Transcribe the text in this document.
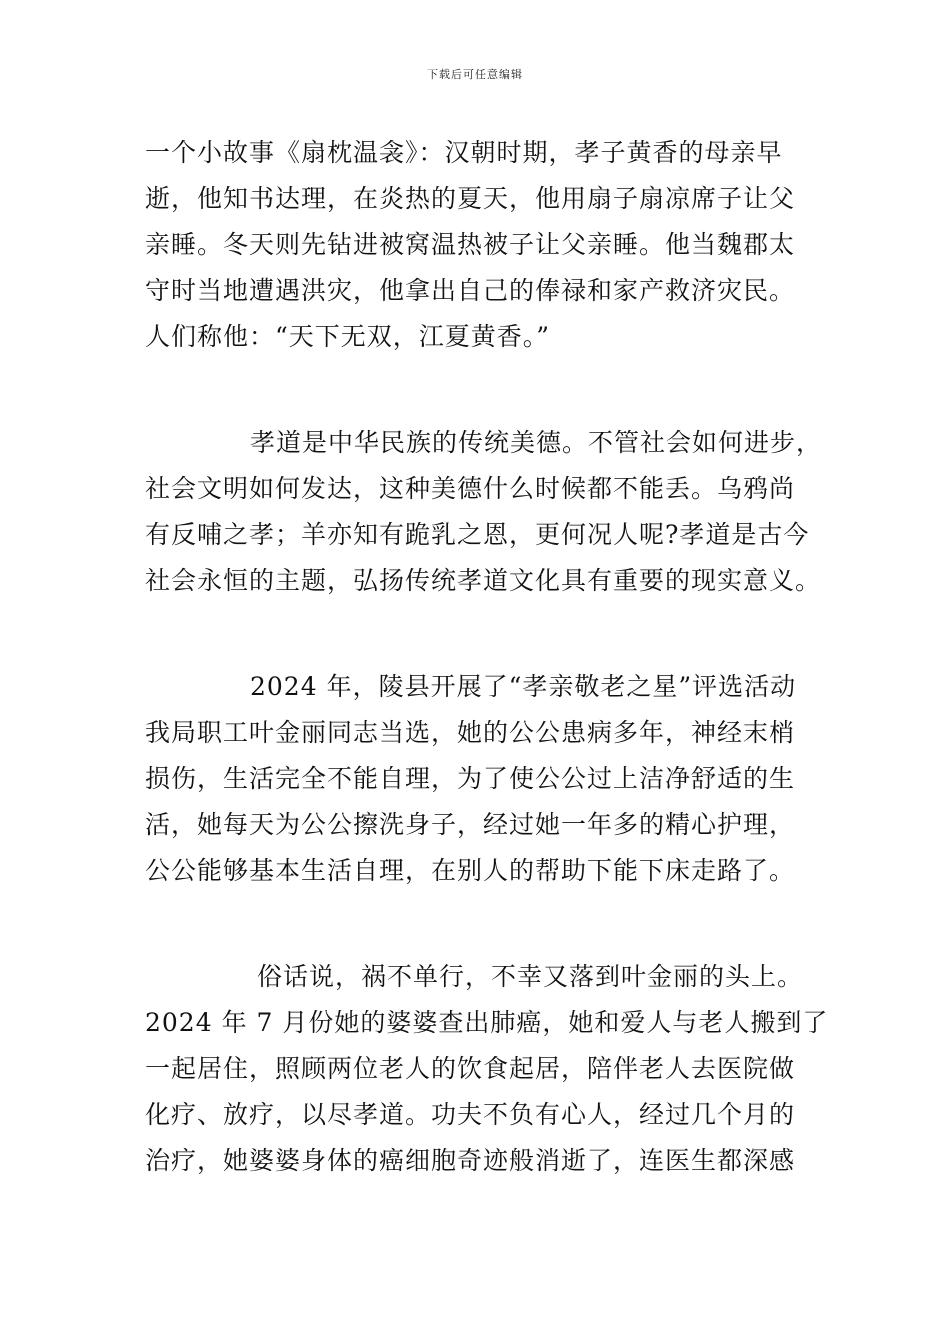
下载后可任意编辑
一个小故事《扇枕温衾》：汉朝时期，孝子黄香的母亲早
逝，他知书达理，在炎热的夏天，他用扇子扇凉席子让父
亲睡。冬天则先钻进被窝温热被子让父亲睡。他当魏郡太
守时当地遭遇洪灾，他拿出自己的俸禄和家产救济灾民。
人们称他：“天下无双，江夏黄香。”
孝道是中华民族的传统美德。不管社会如何进步，
社会文明如何发达，这种美德什么时候都不能丢。乌鸦尚
有反哺之孝；羊亦知有跪乳之恩，更何况人呢?孝道是古今
社会永恒的主题，弘扬传统孝道文化具有重要的现实意义。
2024 年，陵县开展了“孝亲敬老之星”评选活动
我局职工叶金丽同志当选，她的公公患病多年，神经末梢
损伤，生活完全不能自理，为了使公公过上洁净舒适的生
活，她每天为公公擦洗身子，经过她一年多的精心护理，
公公能够基本生活自理，在别人的帮助下能下床走路了。
俗话说，祸不单行，不幸又落到叶金丽的头上。
2024 年 7 月份她的婆婆查出肺癌，她和爱人与老人搬到了
一起居住，照顾两位老人的饮食起居，陪伴老人去医院做
化疗、放疗，以尽孝道。功夫不负有心人，经过几个月的
治疗，她婆婆身体的癌细胞奇迹般消逝了，连医生都深感
